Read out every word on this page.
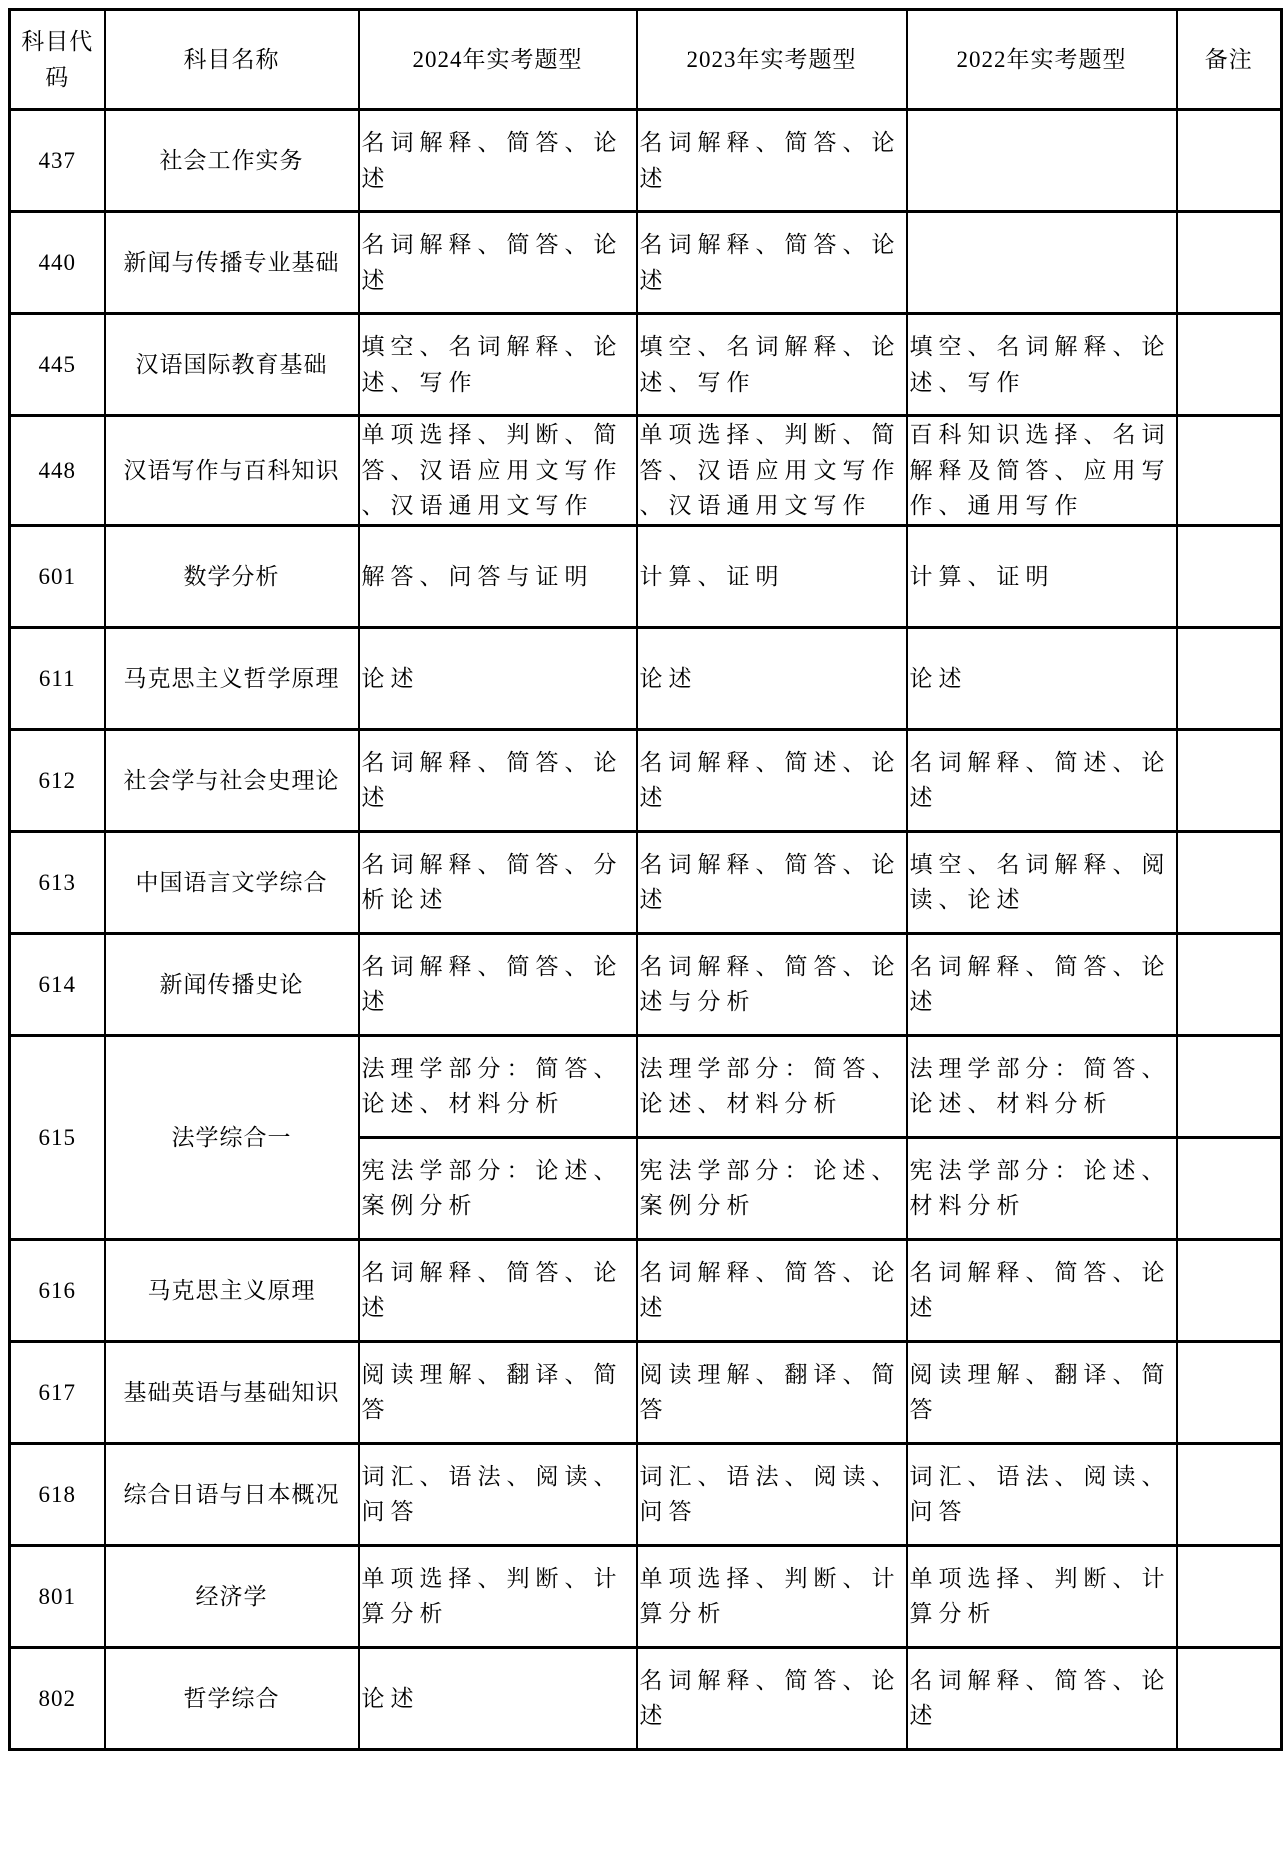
科目代码	科目名称	2024年实考题型	2023年实考题型	2022年实考题型	备注
437	社会工作实务	名词解释、简答、论述	名词解释、简答、论述		
440	新闻与传播专业基础	名词解释、简答、论述	名词解释、简答、论述		
445	汉语国际教育基础	填空、名词解释、论述、写作	填空、名词解释、论述、写作	填空、名词解释、论述、写作	
448	汉语写作与百科知识	单项选择、判断、简答、汉语应用文写作、汉语通用文写作	单项选择、判断、简答、汉语应用文写作、汉语通用文写作	百科知识选择、名词解释及简答、应用写作、通用写作	
601	数学分析	解答、问答与证明	计算、证明	计算、证明	
611	马克思主义哲学原理	论述	论述	论述	
612	社会学与社会史理论	名词解释、简答、论述	名词解释、简述、论述	名词解释、简述、论述	
613	中国语言文学综合	名词解释、简答、分析论述	名词解释、简答、论述	填空、名词解释、阅读、论述	
614	新闻传播史论	名词解释、简答、论述	名词解释、简答、论述与分析	名词解释、简答、论述	
615	法学综合一	法理学部分：简答、论述、材料分析	法理学部分：简答、论述、材料分析	法理学部分：简答、论述、材料分析	
		宪法学部分：论述、案例分析	宪法学部分：论述、案例分析	宪法学部分：论述、材料分析	
616	马克思主义原理	名词解释、简答、论述	名词解释、简答、论述	名词解释、简答、论述	
617	基础英语与基础知识	阅读理解、翻译、简答	阅读理解、翻译、简答	阅读理解、翻译、简答	
618	综合日语与日本概况	词汇、语法、阅读、问答	词汇、语法、阅读、问答	词汇、语法、阅读、问答	
801	经济学	单项选择、判断、计算分析	单项选择、判断、计算分析	单项选择、判断、计算分析	
802	哲学综合	论述	名词解释、简答、论述	名词解释、简答、论述	
